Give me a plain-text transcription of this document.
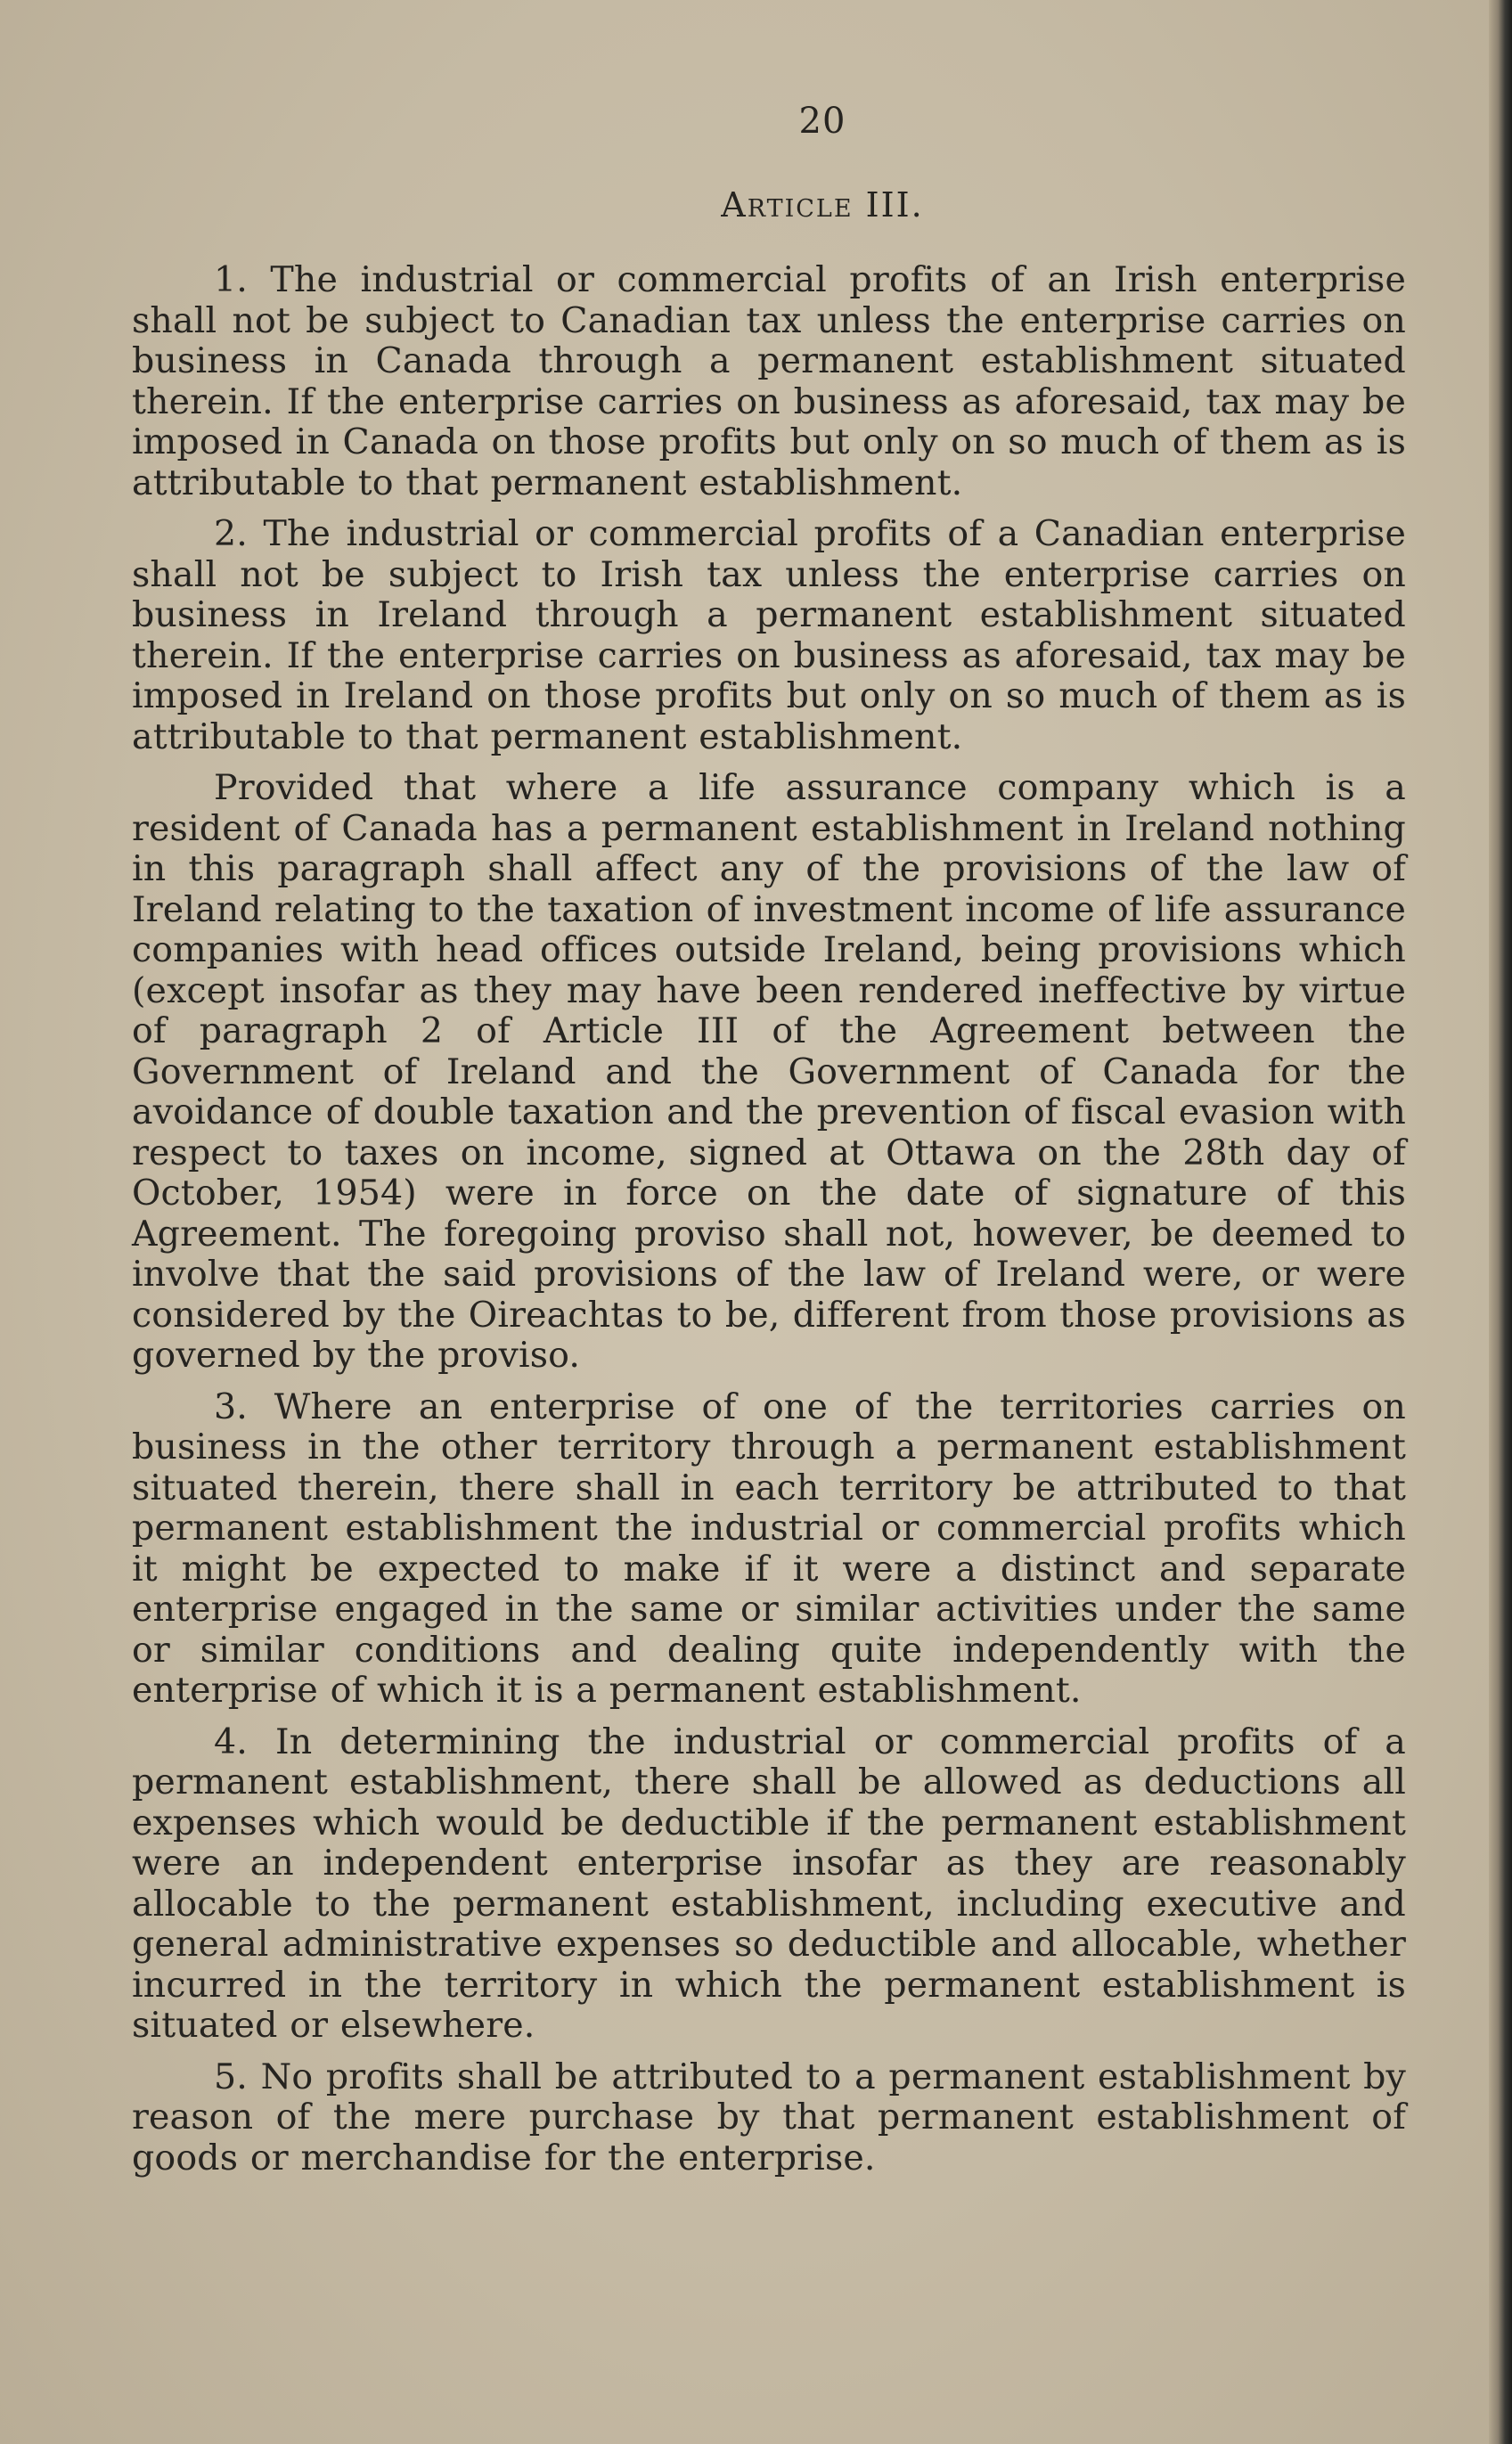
20
Article III.

1. The industrial or commercial profits of an Irish enterprise shall not be subject to Canadian tax unless the enterprise carries on business in Canada through a permanent establishment situated therein. If the enterprise carries on business as aforesaid, tax may be imposed in Canada on those profits but only on so much of them as is attributable to that permanent establishment.

2. The industrial or commercial profits of a Canadian enterprise shall not be subject to Irish tax unless the enterprise carries on business in Ireland through a permanent establishment situated therein. If the enterprise carries on business as aforesaid, tax may be imposed in Ireland on those profits but only on so much of them as is attributable to that permanent establishment.

Provided that where a life assurance company which is a resident of Canada has a permanent establishment in Ireland nothing in this paragraph shall affect any of the provisions of the law of Ireland relating to the taxation of investment income of life assurance companies with head offices outside Ireland, being provisions which (except insofar as they may have been rendered ineffective by virtue of paragraph 2 of Article III of the Agreement between the Government of Ireland and the Government of Canada for the avoidance of double taxation and the prevention of fiscal evasion with respect to taxes on income, signed at Ottawa on the 28th day of October, 1954) were in force on the date of signature of this Agreement. The foregoing proviso shall not, however, be deemed to involve that the said provisions of the law of Ireland were, or were considered by the Oireachtas to be, different from those provisions as governed by the proviso.

3. Where an enterprise of one of the territories carries on business in the other territory through a permanent establishment situated therein, there shall in each territory be attributed to that permanent establishment the industrial or commercial profits which it might be expected to make if it were a distinct and separate enterprise engaged in the same or similar activities under the same or similar conditions and dealing quite independently with the enterprise of which it is a permanent establishment.

4. In determining the industrial or commercial profits of a permanent establishment, there shall be allowed as deductions all expenses which would be deductible if the permanent establishment were an independent enterprise insofar as they are reasonably allocable to the permanent establishment, including executive and general administrative expenses so deductible and allocable, whether incurred in the territory in which the permanent establishment is situated or elsewhere.

5. No profits shall be attributed to a permanent establishment by reason of the mere purchase by that permanent establishment of goods or merchandise for the enterprise.
